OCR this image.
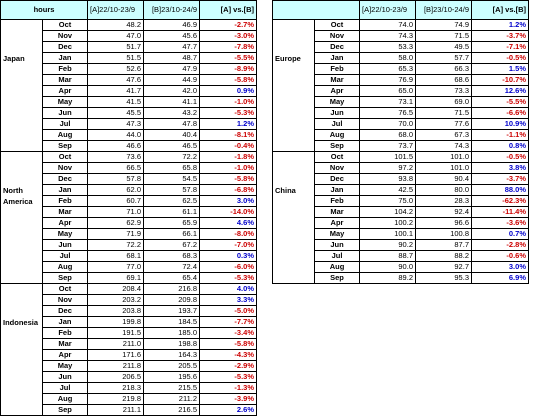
hours		[A]22/10-23/9	[B]23/10-24/9	[A] vs.[B]
Japan	Oct	48.2	46.9	-2.7%
	Nov	47.0	45.6	-3.0%
	Dec	51.7	47.7	-7.8%
	Jan	51.5	48.7	-5.5%
	Feb	52.6	47.9	-8.9%
	Mar	47.6	44.9	-5.8%
	Apr	41.7	42.0	0.9%
	May	41.5	41.1	-1.0%
	Jun	45.5	43.2	-5.3%
	Jul	47.3	47.8	1.2%
	Aug	44.0	40.4	-8.1%
	Sep	46.6	46.5	-0.4%
North America	Oct	73.6	72.2	-1.8%
	Nov	66.5	65.8	-1.0%
	Dec	57.8	54.5	-5.8%
	Jan	62.0	57.8	-6.8%
	Feb	60.7	62.5	3.0%
	Mar	71.0	61.1	-14.0%
	Apr	62.9	65.9	4.6%
	May	71.9	66.1	-8.0%
	Jun	72.2	67.2	-7.0%
	Jul	68.1	68.3	0.3%
	Aug	77.0	72.4	-6.0%
	Sep	69.1	65.4	-5.3%
Indonesia	Oct	208.4	216.8	4.0%
	Nov	203.2	209.8	3.3%
	Dec	203.8	193.7	-5.0%
	Jan	199.8	184.5	-7.7%
	Feb	191.5	185.0	-3.4%
	Mar	211.0	198.8	-5.8%
	Apr	171.6	164.3	-4.3%
	May	211.8	205.5	-2.9%
	Jun	206.5	195.6	-5.3%
	Jul	218.3	215.5	-1.3%
	Aug	219.8	211.2	-3.9%
	Sep	211.1	216.5	2.6%
		[A]22/10-23/9	[B]23/10-24/9	[A] vs.[B]
Europe	Oct	74.0	74.9	1.2%
	Nov	74.3	71.5	-3.7%
	Dec	53.3	49.5	-7.1%
	Jan	58.0	57.7	-0.5%
	Feb	65.3	66.3	1.5%
	Mar	76.9	68.6	-10.7%
	Apr	65.0	73.3	12.6%
	May	73.1	69.0	-5.5%
	Jun	76.5	71.5	-6.6%
	Jul	70.0	77.6	10.9%
	Aug	68.0	67.3	-1.1%
	Sep	73.7	74.3	0.8%
China	Oct	101.5	101.0	-0.5%
	Nov	97.2	101.0	3.8%
	Dec	93.8	90.4	-3.7%
	Jan	42.5	80.0	88.0%
	Feb	75.0	28.3	-62.3%
	Mar	104.2	92.4	-11.4%
	Apr	100.2	96.6	-3.6%
	May	100.1	100.8	0.7%
	Jun	90.2	87.7	-2.8%
	Jul	88.7	88.2	-0.6%
	Aug	90.0	92.7	3.0%
	Sep	89.2	95.3	6.9%
